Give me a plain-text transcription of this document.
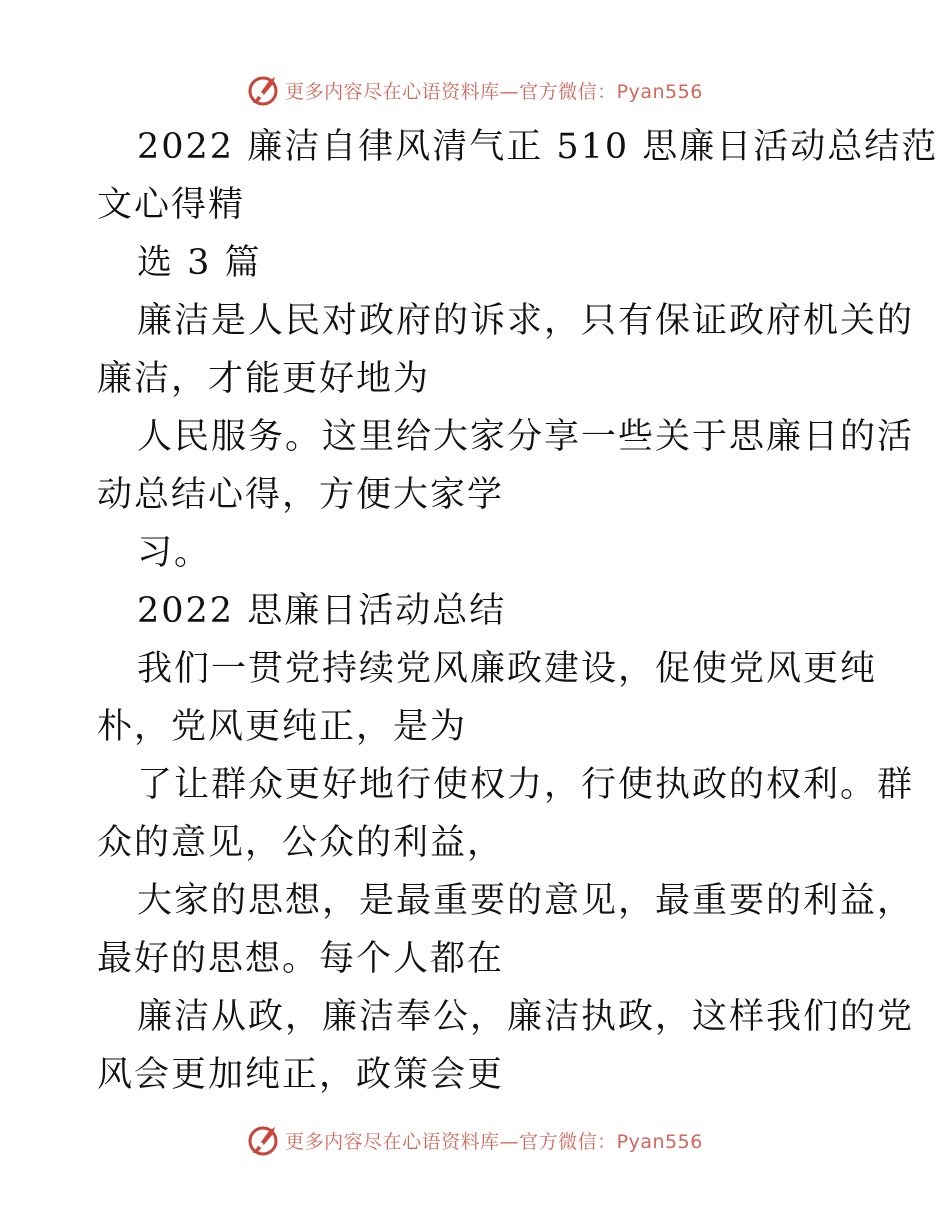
更多内容尽在心语资料库—官方微信：Pyan556
2022 廉洁自律风清气正 510 思廉日活动总结范
文心得精
选 3 篇
廉洁是人民对政府的诉求，只有保证政府机关的
廉洁，才能更好地为
人民服务。这里给大家分享一些关于思廉日的活
动总结心得，方便大家学
习。
2022 思廉日活动总结
我们一贯党持续党风廉政建设，促使党风更纯
朴，党风更纯正，是为
了让群众更好地行使权力，行使执政的权利。群
众的意见，公众的利益，
大家的思想，是最重要的意见，最重要的利益，
最好的思想。每个人都在
廉洁从政，廉洁奉公，廉洁执政，这样我们的党
风会更加纯正，政策会更
更多内容尽在心语资料库—官方微信：Pyan556
